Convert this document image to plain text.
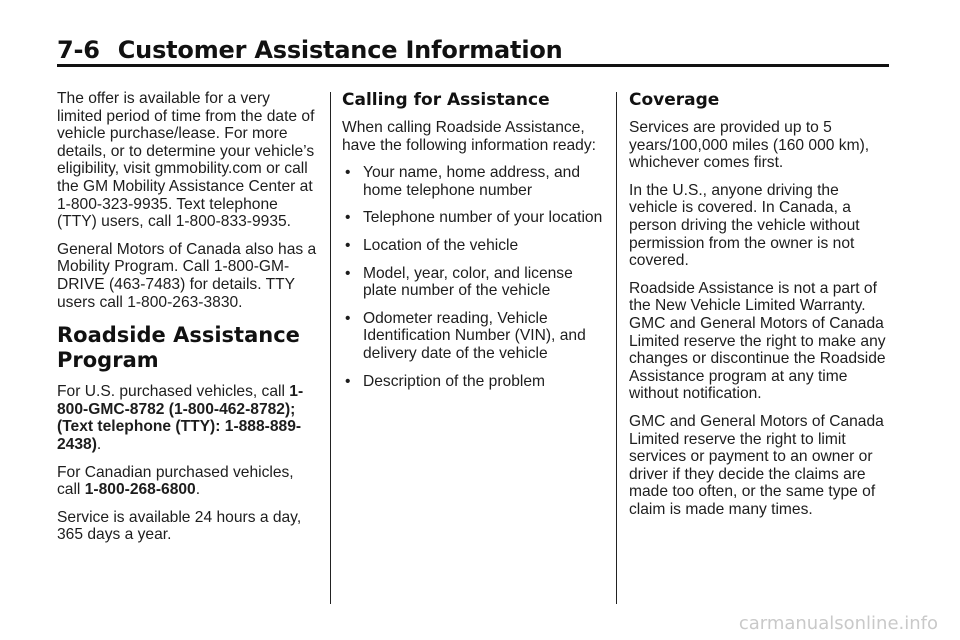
7-6 Customer Assistance Information

The offer is available for a very limited period of time from the date of vehicle purchase/lease. For more details, or to determine your vehicle’s eligibility, visit gmmobility.com or call the GM Mobility Assistance Center at 1-800-323-9935. Text telephone (TTY) users, call 1-800-833-9935.

General Motors of Canada also has a Mobility Program. Call 1-800-GM-DRIVE (463-7483) for details. TTY users call 1-800-263-3830.

Roadside Assistance Program

For U.S. purchased vehicles, call 1-800-GMC-8782 (1-800-462-8782); (Text telephone (TTY): 1-888-889-2438).

For Canadian purchased vehicles, call 1-800-268-6800.

Service is available 24 hours a day, 365 days a year.

Calling for Assistance

When calling Roadside Assistance, have the following information ready:

• Your name, home address, and home telephone number
• Telephone number of your location
• Location of the vehicle
• Model, year, color, and license plate number of the vehicle
• Odometer reading, Vehicle Identification Number (VIN), and delivery date of the vehicle
• Description of the problem
Coverage

Services are provided up to 5 years/100,000 miles (160 000 km), whichever comes first.

In the U.S., anyone driving the vehicle is covered. In Canada, a person driving the vehicle without permission from the owner is not covered.

Roadside Assistance is not a part of the New Vehicle Limited Warranty. GMC and General Motors of Canada Limited reserve the right to make any changes or discontinue the Roadside Assistance program at any time without notification.

GMC and General Motors of Canada Limited reserve the right to limit services or payment to an owner or driver if they decide the claims are made too often, or the same type of claim is made many times.

carmanualsonline.info
